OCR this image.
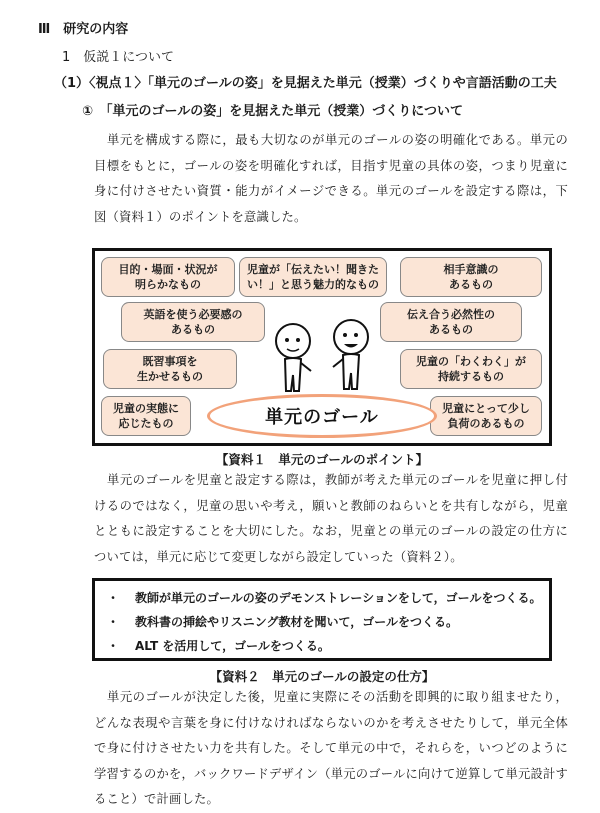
Ⅲ　研究の内容
1　仮説１について
（1）〈視点１〉「単元のゴールの姿」を見据えた単元（授業）づくりや言語活動の工夫
①　「単元のゴールの姿」を見据えた単元（授業）づくりについて
単元を構成する際に，最も大切なのが単元のゴールの姿の明確化である。単元の目標をもとに，ゴールの姿を明確化すれば，目指す児童の具体の姿，つまり児童に身に付けさせたい資質・能力がイメージできる。単元のゴールを設定する際は，下図（資料１）のポイントを意識した。
目的・場面・状況が
明らかなもの
児童が「伝えたい！聞きた
い！」と思う魅力的なもの
相手意識の
あるもの
英語を使う必要感の
あるもの
伝え合う必然性の
あるもの
既習事項を
生かせるもの
児童の「わくわく」が
持続するもの
児童の実態に
応じたもの
児童にとって少し
負荷のあるもの
単元のゴール
【資料１　単元のゴールのポイント】
単元のゴールを児童と設定する際は，教師が考えた単元のゴールを児童に押し付けるのではなく，児童の思いや考え，願いと教師のねらいとを共有しながら，児童とともに設定することを大切にした。なお，児童との単元のゴールの設定の仕方については，単元に応じて変更しながら設定していった（資料２）。
・ 教師が単元のゴールの姿のデモンストレーションをして，ゴールをつくる。
・ 教科書の挿絵やリスニング教材を聞いて，ゴールをつくる。
・ ALT を活用して，ゴールをつくる。
【資料２　単元のゴールの設定の仕方】
単元のゴールが決定した後，児童に実際にその活動を即興的に取り組ませたり，どんな表現や言葉を身に付けなければならないのかを考えさせたりして，単元全体で身に付けさせたい力を共有した。そして単元の中で，それらを，いつどのように学習するのかを，バックワードデザイン（単元のゴールに向けて逆算して単元設計すること）で計画した。
